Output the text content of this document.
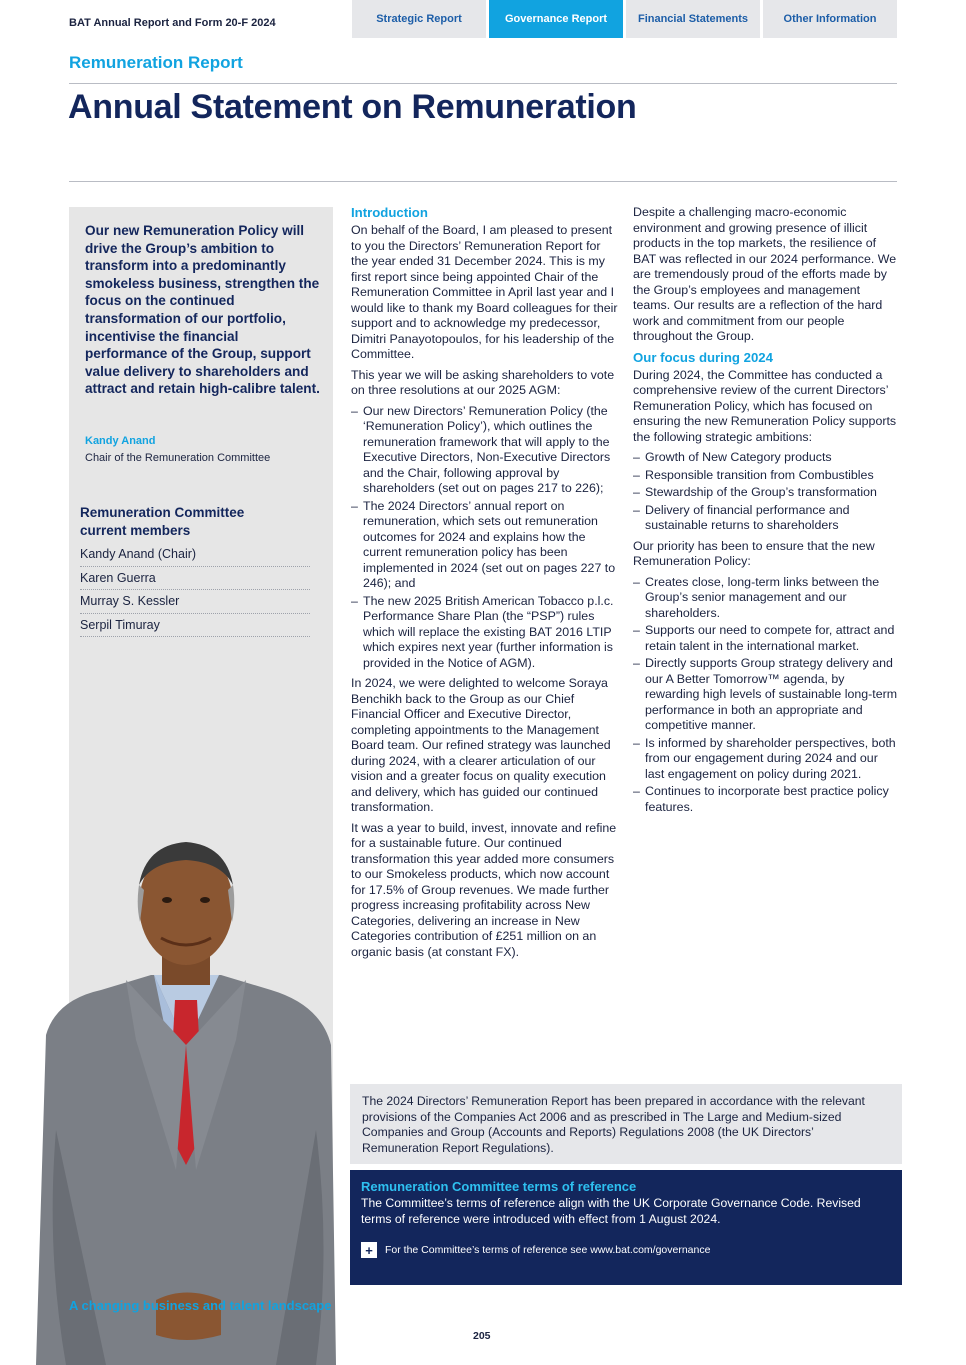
BAT Annual Report and Form 20-F 2024	Strategic Report	Governance Report	Financial Statements	Other Information
Remuneration Report
Annual Statement on Remuneration
Our new Remuneration Policy will drive the Group’s ambition to transform into a predominantly smokeless business, strengthen the focus on the continued transformation of our portfolio, incentivise the financial performance of the Group, support value delivery to shareholders and attract and retain high-calibre talent.
Kandy Anand
Chair of the Remuneration Committee
Remuneration Committee current members
Kandy Anand (Chair)
Karen Guerra
Murray S. Kessler
Serpil Timuray
A changing business and talent landscape
Introduction

On behalf of the Board, I am pleased to present to you the Directors’ Remuneration Report for the year ended 31 December 2024. This is my first report since being appointed Chair of the Remuneration Committee in April last year and I would like to thank my Board colleagues for their support and to acknowledge my predecessor, Dimitri Panayotopoulos, for his leadership of the Committee.

This year we will be asking shareholders to vote on three resolutions at our 2025 AGM:

– Our new Directors’ Remuneration Policy (the ‘Remuneration Policy’), which outlines the remuneration framework that will apply to the Executive Directors, Non-Executive Directors and the Chair, following approval by shareholders (set out on pages 217 to 226);
– The 2024 Directors’ annual report on remuneration, which sets out remuneration outcomes for 2024 and explains how the current remuneration policy has been implemented in 2024 (set out on pages 227 to 246); and
– The new 2025 British American Tobacco p.l.c. Performance Share Plan (the “PSP”) rules which will replace the existing BAT 2016 LTIP which expires next year (further information is provided in the Notice of AGM).

In 2024, we were delighted to welcome Soraya Benchikh back to the Group as our Chief Financial Officer and Executive Director, completing appointments to the Management Board team. Our refined strategy was launched during 2024, with a clearer articulation of our vision and a greater focus on quality execution and delivery, which has guided our continued transformation.

It was a year to build, invest, innovate and refine for a sustainable future. Our continued transformation this year added more consumers to our Smokeless products, which now account for 17.5% of Group revenues. We made further progress increasing profitability across New Categories, delivering an increase in New Categories contribution of £251 million on an organic basis (at constant FX).

Despite a challenging macro-economic environment and growing presence of illicit products in the top markets, the resilience of BAT was reflected in our 2024 performance. We are tremendously proud of the efforts made by the Group’s employees and management teams. Our results are a reflection of the hard work and commitment from our people throughout the Group.

Our focus during 2024

During 2024, the Committee has conducted a comprehensive review of the current Directors’ Remuneration Policy, which has focused on ensuring the new Remuneration Policy supports the following strategic ambitions:

– Growth of New Category products
– Responsible transition from Combustibles
– Stewardship of the Group’s transformation
– Delivery of financial performance and sustainable returns to shareholders

Our priority has been to ensure that the new Remuneration Policy:

– Creates close, long-term links between the Group’s senior management and our shareholders.
– Supports our need to compete for, attract and retain talent in the international market.
– Directly supports Group strategy delivery and our A Better Tomorrow™ agenda, by rewarding high levels of sustainable long-term performance in both an appropriate and competitive manner.
– Is informed by shareholder perspectives, both from our engagement during 2024 and our last engagement on policy during 2021.
– Continues to incorporate best practice policy features.
The 2024 Directors’ Remuneration Report has been prepared in accordance with the relevant provisions of the Companies Act 2006 and as prescribed in The Large and Medium-sized Companies and Group (Accounts and Reports) Regulations 2008 (the UK Directors’ Remuneration Report Regulations).
Remuneration Committee terms of reference
The Committee’s terms of reference align with the UK Corporate Governance Code. Revised terms of reference were introduced with effect from 1 August 2024.
+	For the Committee’s terms of reference see www.bat.com/governance
205
